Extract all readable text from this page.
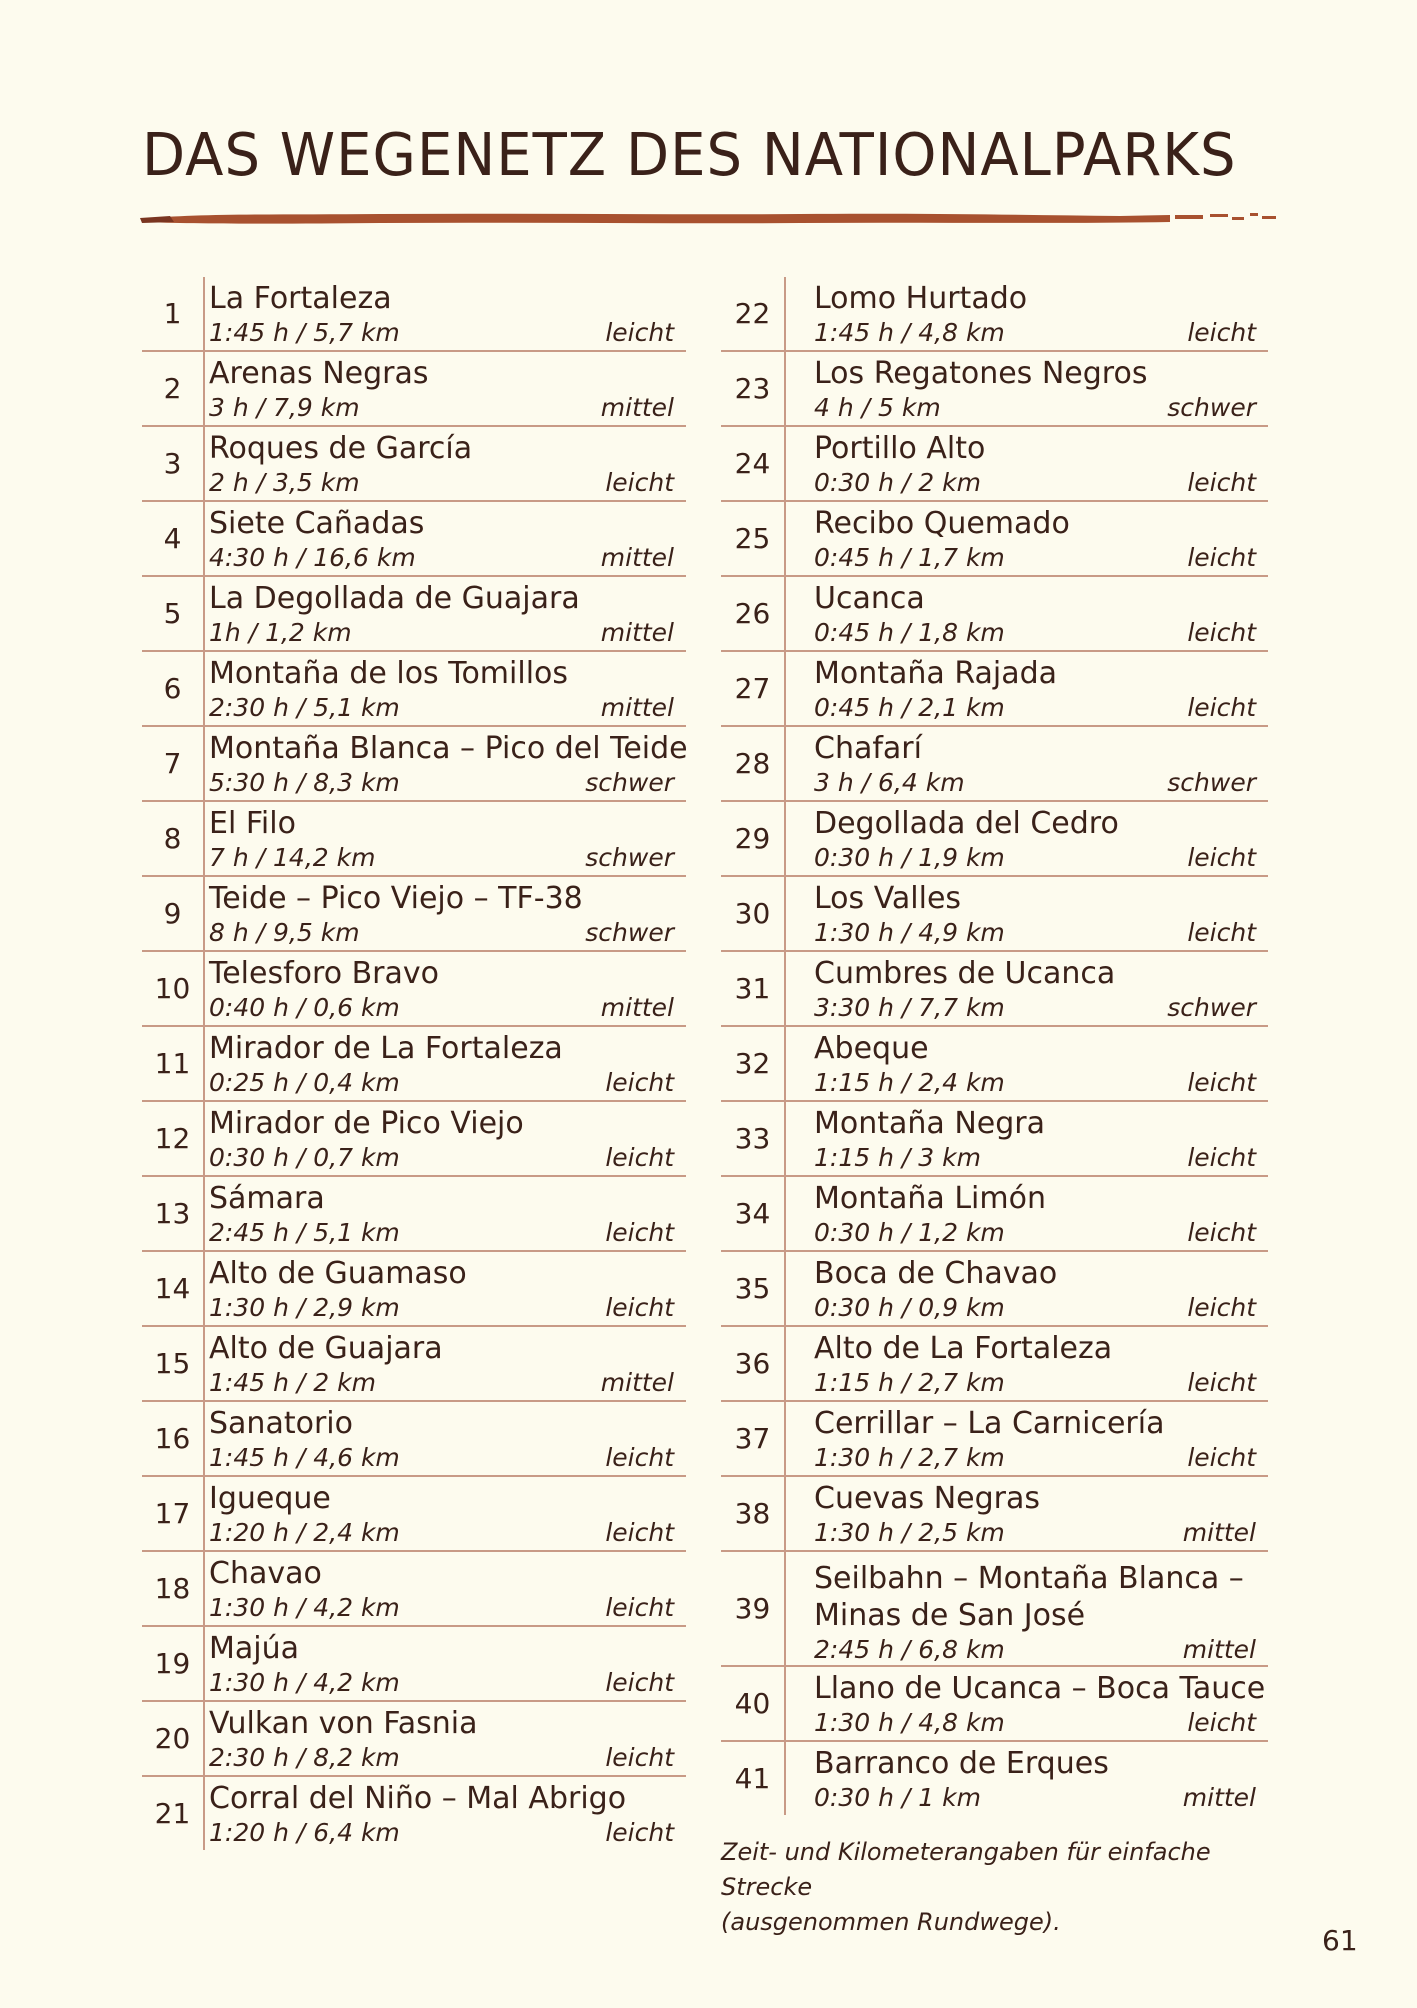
DAS WEGENETZ DES NATIONALPARKS
1 La Fortaleza
1:45 h / 5,7 km	leicht
2 Arenas Negras
3 h / 7,9 km	mittel
3 Roques de García
2 h / 3,5 km	leicht
4 Siete Cañadas
4:30 h / 16,6 km	mittel
5 La Degollada de Guajara
1h / 1,2 km	mittel
6 Montaña de los Tomillos
2:30 h / 5,1 km	mittel
7 Montaña Blanca – Pico del Teide
5:30 h / 8,3 km	schwer
8 El Filo
7 h / 14,2 km	schwer
9 Teide – Pico Viejo – TF-38
8 h / 9,5 km	schwer
10 Telesforo Bravo
0:40 h / 0,6 km	mittel
11 Mirador de La Fortaleza
0:25 h / 0,4 km	leicht
12 Mirador de Pico Viejo
0:30 h / 0,7 km	leicht
13 Sámara
2:45 h / 5,1 km	leicht
14 Alto de Guamaso
1:30 h / 2,9 km	leicht
15 Alto de Guajara
1:45 h / 2 km	mittel
16 Sanatorio
1:45 h / 4,6 km	leicht
17 Igueque
1:20 h / 2,4 km	leicht
18 Chavao
1:30 h / 4,2 km	leicht
19 Majúa
1:30 h / 4,2 km	leicht
20 Vulkan von Fasnia
2:30 h / 8,2 km	leicht
21 Corral del Niño – Mal Abrigo
1:20 h / 6,4 km	leicht
22	Lomo Hurtado
1:45 h / 4,8 km	leicht
23	Los Regatones Negros
4 h / 5 km	schwer
24	Portillo Alto
0:30 h / 2 km	leicht
25	Recibo Quemado
0:45 h / 1,7 km	leicht
26	Ucanca
0:45 h / 1,8 km	leicht
27	Montaña Rajada
0:45 h / 2,1 km	leicht
28	Chafarí
3 h / 6,4 km	schwer
29	Degollada del Cedro
0:30 h / 1,9 km	leicht
30	Los Valles
1:30 h / 4,9 km	leicht
31	Cumbres de Ucanca
3:30 h / 7,7 km	schwer
32	Abeque
1:15 h / 2,4 km	leicht
33	Montaña Negra
1:15 h / 3 km	leicht
34	Montaña Limón
0:30 h / 1,2 km	leicht
35	Boca de Chavao
0:30 h / 0,9 km	leicht
36	Alto de La Fortaleza
1:15 h / 2,7 km	leicht
37	Cerrillar – La Carnicería
1:30 h / 2,7 km	leicht
38	Cuevas Negras
1:30 h / 2,5 km	mittel
39
Seilbahn – Montaña Blanca –
Minas de San José
2:45 h / 6,8 km	mittel
40	Llano de Ucanca – Boca Tauce
1:30 h / 4,8 km	leicht
41	Barranco de Erques
0:30 h / 1 km	mittel
Zeit- und Kilometerangaben für einfache Strecke
(ausgenommen Rundwege).
61
